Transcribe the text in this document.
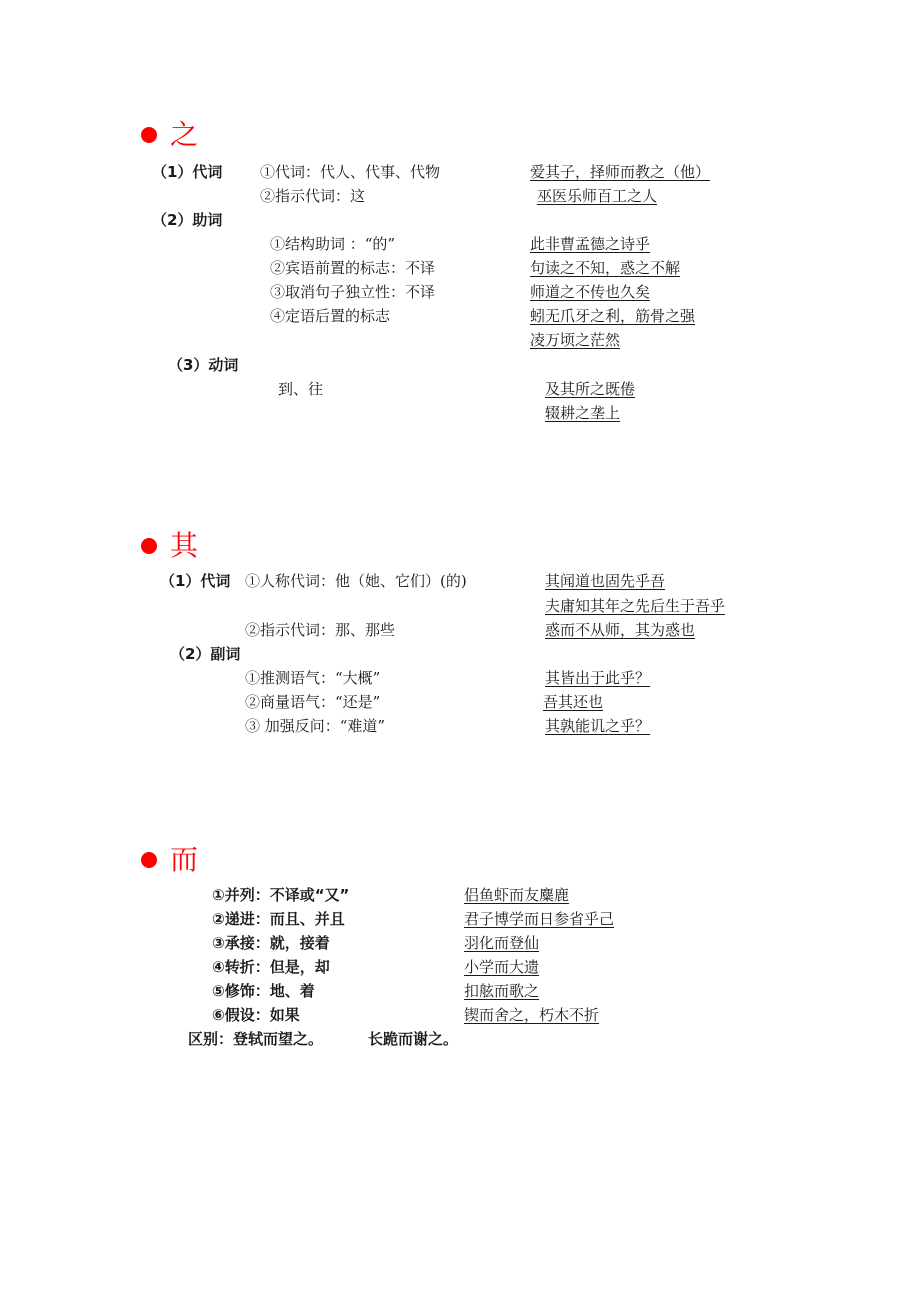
之
（1）代词	①代词：代人、代事、代物	爱其子，择师而教之（他）
②指示代词：这	巫医乐师百工之人
（2）助词
①结构助词 ：“的”	此非曹孟德之诗乎
②宾语前置的标志：不译	句读之不知，惑之不解
③取消句子独立性：不译	师道之不传也久矣
④定语后置的标志	蚓无爪牙之利，筋骨之强
凌万顷之茫然
（3）动词
到、往	及其所之既倦
辍耕之垄上
其
（1）代词 ①人称代词：他（她、它们）(的)	其闻道也固先乎吾
夫庸知其年之先后生于吾乎
②指示代词：那、那些	惑而不从师，其为惑也
（2）副词
①推测语气：“大概”	其皆出于此乎？
②商量语气：“还是”	吾其还也
③ 加强反问：“难道”	其孰能讥之乎？
而
①并列：不译或“又”	侣鱼虾而友麋鹿
②递进：而且、并且	君子博学而日参省乎己
③承接：就，接着	羽化而登仙
④转折：但是，却	小学而大遗
⑤修饰：地、着	扣舷而歌之
⑥假设：如果	锲而舍之，朽木不折
区别：登轼而望之。	长跪而谢之。
